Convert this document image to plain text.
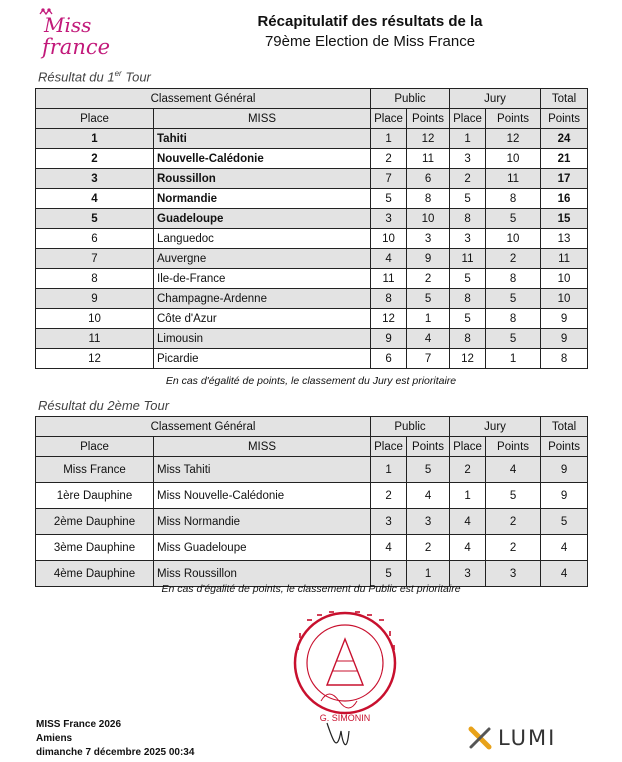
Miss
france
Récapitulatif des résultats de la
79ème Election de Miss France
Résultat du 1er Tour
Classement Général		Public		Jury		Total
Place	MISS	Place	Points	Place	Points	Points
1	Tahiti	1	12	1	12	24
2	Nouvelle-Calédonie	2	11	3	10	21
3	Roussillon	7	6	2	11	17
4	Normandie	5	8	5	8	16
5	Guadeloupe	3	10	8	5	15
6	Languedoc	10	3	3	10	13
7	Auvergne	4	9	11	2	11
8	Ile-de-France	11	2	5	8	10
9	Champagne-Ardenne	8	5	8	5	10
10	Côte d'Azur	12	1	5	8	9
11	Limousin	9	4	8	5	9
12	Picardie	6	7	12	1	8
En cas d'égalité de points, le classement du Jury est prioritaire
Résultat du 2ème Tour
Classement Général		Public		Jury		Total
Place	MISS	Place	Points	Place	Points	Points
Miss France	Miss Tahiti	1	5	2	4	9
1ère Dauphine	Miss Nouvelle-Calédonie	2	4	1	5	9
2ème Dauphine	Miss Normandie	3	3	4	2	5
3ème Dauphine	Miss Guadeloupe	4	2	4	2	4
4ème Dauphine	Miss Roussillon	5	1	3	3	4
En cas d'égalité de points, le classement du Public est prioritaire
G. SIMONIN
MISS France 2026
Amiens
dimanche 7 décembre 2025 00:34
LUMI
